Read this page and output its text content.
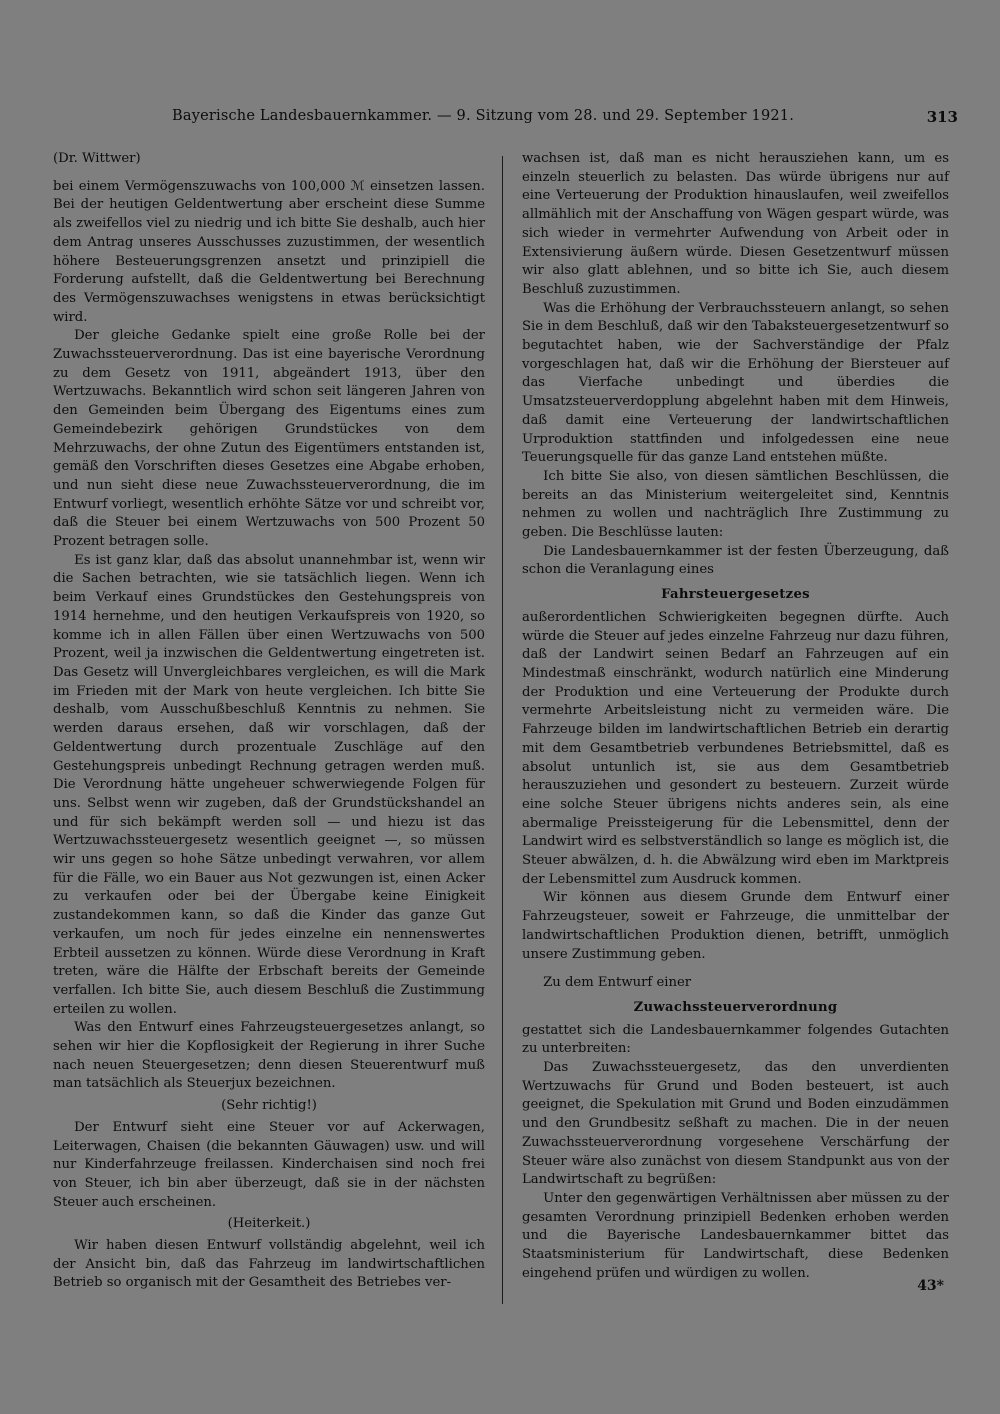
Bayerische Landesbauernkammer. — 9. Sitzung vom 28. und 29. September 1921.	313

(Dr. Wittwer)

bei einem Vermögenszuwachs von 100,000 ℳ einsetzen lassen. Bei der heutigen Geldentwertung aber erscheint diese Summe als zweifellos viel zu niedrig und ich bitte Sie deshalb, auch hier dem Antrag unseres Ausschusses zuzustimmen, der wesentlich höhere Besteuerungsgrenzen ansetzt und prinzipiell die Forderung aufstellt, daß die Geldentwertung bei Berechnung des Vermögenszuwachses wenigstens in etwas berücksichtigt wird.

Der gleiche Gedanke spielt eine große Rolle bei der Zuwachssteuerverordnung. Das ist eine bayerische Verordnung zu dem Gesetz von 1911, abgeändert 1913, über den Wertzuwachs. Bekanntlich wird schon seit längeren Jahren von den Gemeinden beim Übergang des Eigentums eines zum Gemeindebezirk gehörigen Grundstückes von dem Mehrzuwachs, der ohne Zutun des Eigentümers entstanden ist, gemäß den Vorschriften dieses Gesetzes eine Abgabe erhoben, und nun sieht diese neue Zuwachssteuerverordnung, die im Entwurf vorliegt, wesentlich erhöhte Sätze vor und schreibt vor, daß die Steuer bei einem Wertzuwachs von 500 Prozent 50 Prozent betragen solle.

Es ist ganz klar, daß das absolut unannehmbar ist, wenn wir die Sachen betrachten, wie sie tatsächlich liegen. Wenn ich beim Verkauf eines Grundstückes den Gestehungspreis von 1914 hernehme, und den heutigen Verkaufspreis von 1920, so komme ich in allen Fällen über einen Wertzuwachs von 500 Prozent, weil ja inzwischen die Geldentwertung eingetreten ist. Das Gesetz will Unvergleichbares vergleichen, es will die Mark im Frieden mit der Mark von heute vergleichen. Ich bitte Sie deshalb, vom Ausschußbeschluß Kenntnis zu nehmen. Sie werden daraus ersehen, daß wir vorschlagen, daß der Geldentwertung durch prozentuale Zuschläge auf den Gestehungspreis unbedingt Rechnung getragen werden muß. Die Verordnung hätte ungeheuer schwerwiegende Folgen für uns. Selbst wenn wir zugeben, daß der Grundstückshandel an und für sich bekämpft werden soll — und hiezu ist das Wertzuwachssteuergesetz wesentlich geeignet —, so müssen wir uns gegen so hohe Sätze unbedingt verwahren, vor allem für die Fälle, wo ein Bauer aus Not gezwungen ist, einen Acker zu verkaufen oder bei der Übergabe keine Einigkeit zustandekommen kann, so daß die Kinder das ganze Gut verkaufen, um noch für jedes einzelne ein nennenswertes Erbteil aussetzen zu können. Würde diese Verordnung in Kraft treten, wäre die Hälfte der Erbschaft bereits der Gemeinde verfallen. Ich bitte Sie, auch diesem Beschluß die Zustimmung erteilen zu wollen.

Was den Entwurf eines Fahrzeugsteuergesetzes anlangt, so sehen wir hier die Kopflosigkeit der Regierung in ihrer Suche nach neuen Steuergesetzen; denn diesen Steuerentwurf muß man tatsächlich als Steuerjux bezeichnen.

(Sehr richtig!)

Der Entwurf sieht eine Steuer vor auf Ackerwagen, Leiterwagen, Chaisen (die bekannten Gäuwagen) usw. und will nur Kinderfahrzeuge freilassen. Kinderchaisen sind noch frei von Steuer, ich bin aber überzeugt, daß sie in der nächsten Steuer auch erscheinen.

(Heiterkeit.)

Wir haben diesen Entwurf vollständig abgelehnt, weil ich der Ansicht bin, daß das Fahrzeug im landwirtschaftlichen Betrieb so organisch mit der Gesamtheit des Betriebes ver-

wachsen ist, daß man es nicht herausziehen kann, um es einzeln steuerlich zu belasten. Das würde übrigens nur auf eine Verteuerung der Produktion hinauslaufen, weil zweifellos allmählich mit der Anschaffung von Wägen gespart würde, was sich wieder in vermehrter Aufwendung von Arbeit oder in Extensivierung äußern würde. Diesen Gesetzentwurf müssen wir also glatt ablehnen, und so bitte ich Sie, auch diesem Beschluß zuzustimmen.

Was die Erhöhung der Verbrauchssteuern anlangt, so sehen Sie in dem Beschluß, daß wir den Tabaksteuergesetzentwurf so begutachtet haben, wie der Sachverständige der Pfalz vorgeschlagen hat, daß wir die Erhöhung der Biersteuer auf das Vierfache unbedingt und überdies die Umsatzsteuerverdopplung abgelehnt haben mit dem Hinweis, daß damit eine Verteuerung der landwirtschaftlichen Urproduktion stattfinden und infolgedessen eine neue Teuerungsquelle für das ganze Land entstehen müßte.

Ich bitte Sie also, von diesen sämtlichen Beschlüssen, die bereits an das Ministerium weitergeleitet sind, Kenntnis nehmen zu wollen und nachträglich Ihre Zustimmung zu geben. Die Beschlüsse lauten:

Die Landesbauernkammer ist der festen Überzeugung, daß schon die Veranlagung eines

Fahrsteuergesetzes

außerordentlichen Schwierigkeiten begegnen dürfte. Auch würde die Steuer auf jedes einzelne Fahrzeug nur dazu führen, daß der Landwirt seinen Bedarf an Fahrzeugen auf ein Mindestmaß einschränkt, wodurch natürlich eine Minderung der Produktion und eine Verteuerung der Produkte durch vermehrte Arbeitsleistung nicht zu vermeiden wäre. Die Fahrzeuge bilden im landwirtschaftlichen Betrieb ein derartig mit dem Gesamtbetrieb verbundenes Betriebsmittel, daß es absolut untunlich ist, sie aus dem Gesamtbetrieb herauszuziehen und gesondert zu besteuern. Zurzeit würde eine solche Steuer übrigens nichts anderes sein, als eine abermalige Preissteigerung für die Lebensmittel, denn der Landwirt wird es selbstverständlich so lange es möglich ist, die Steuer abwälzen, d. h. die Abwälzung wird eben im Marktpreis der Lebensmittel zum Ausdruck kommen.

Wir können aus diesem Grunde dem Entwurf einer Fahrzeugsteuer, soweit er Fahrzeuge, die unmittelbar der landwirtschaftlichen Produktion dienen, betrifft, unmöglich unsere Zustimmung geben.

Zu dem Entwurf einer

Zuwachssteuerverordnung

gestattet sich die Landesbauernkammer folgendes Gutachten zu unterbreiten:

Das Zuwachssteuergesetz, das den unverdienten Wertzuwachs für Grund und Boden besteuert, ist auch geeignet, die Spekulation mit Grund und Boden einzudämmen und den Grundbesitz seßhaft zu machen. Die in der neuen Zuwachssteuerverordnung vorgesehene Verschärfung der Steuer wäre also zunächst von diesem Standpunkt aus von der Landwirtschaft zu begrüßen:

Unter den gegenwärtigen Verhältnissen aber müssen zu der gesamten Verordnung prinzipiell Bedenken erhoben werden und die Bayerische Landesbauernkammer bittet das Staatsministerium für Landwirtschaft, diese Bedenken eingehend prüfen und würdigen zu wollen.

43*
